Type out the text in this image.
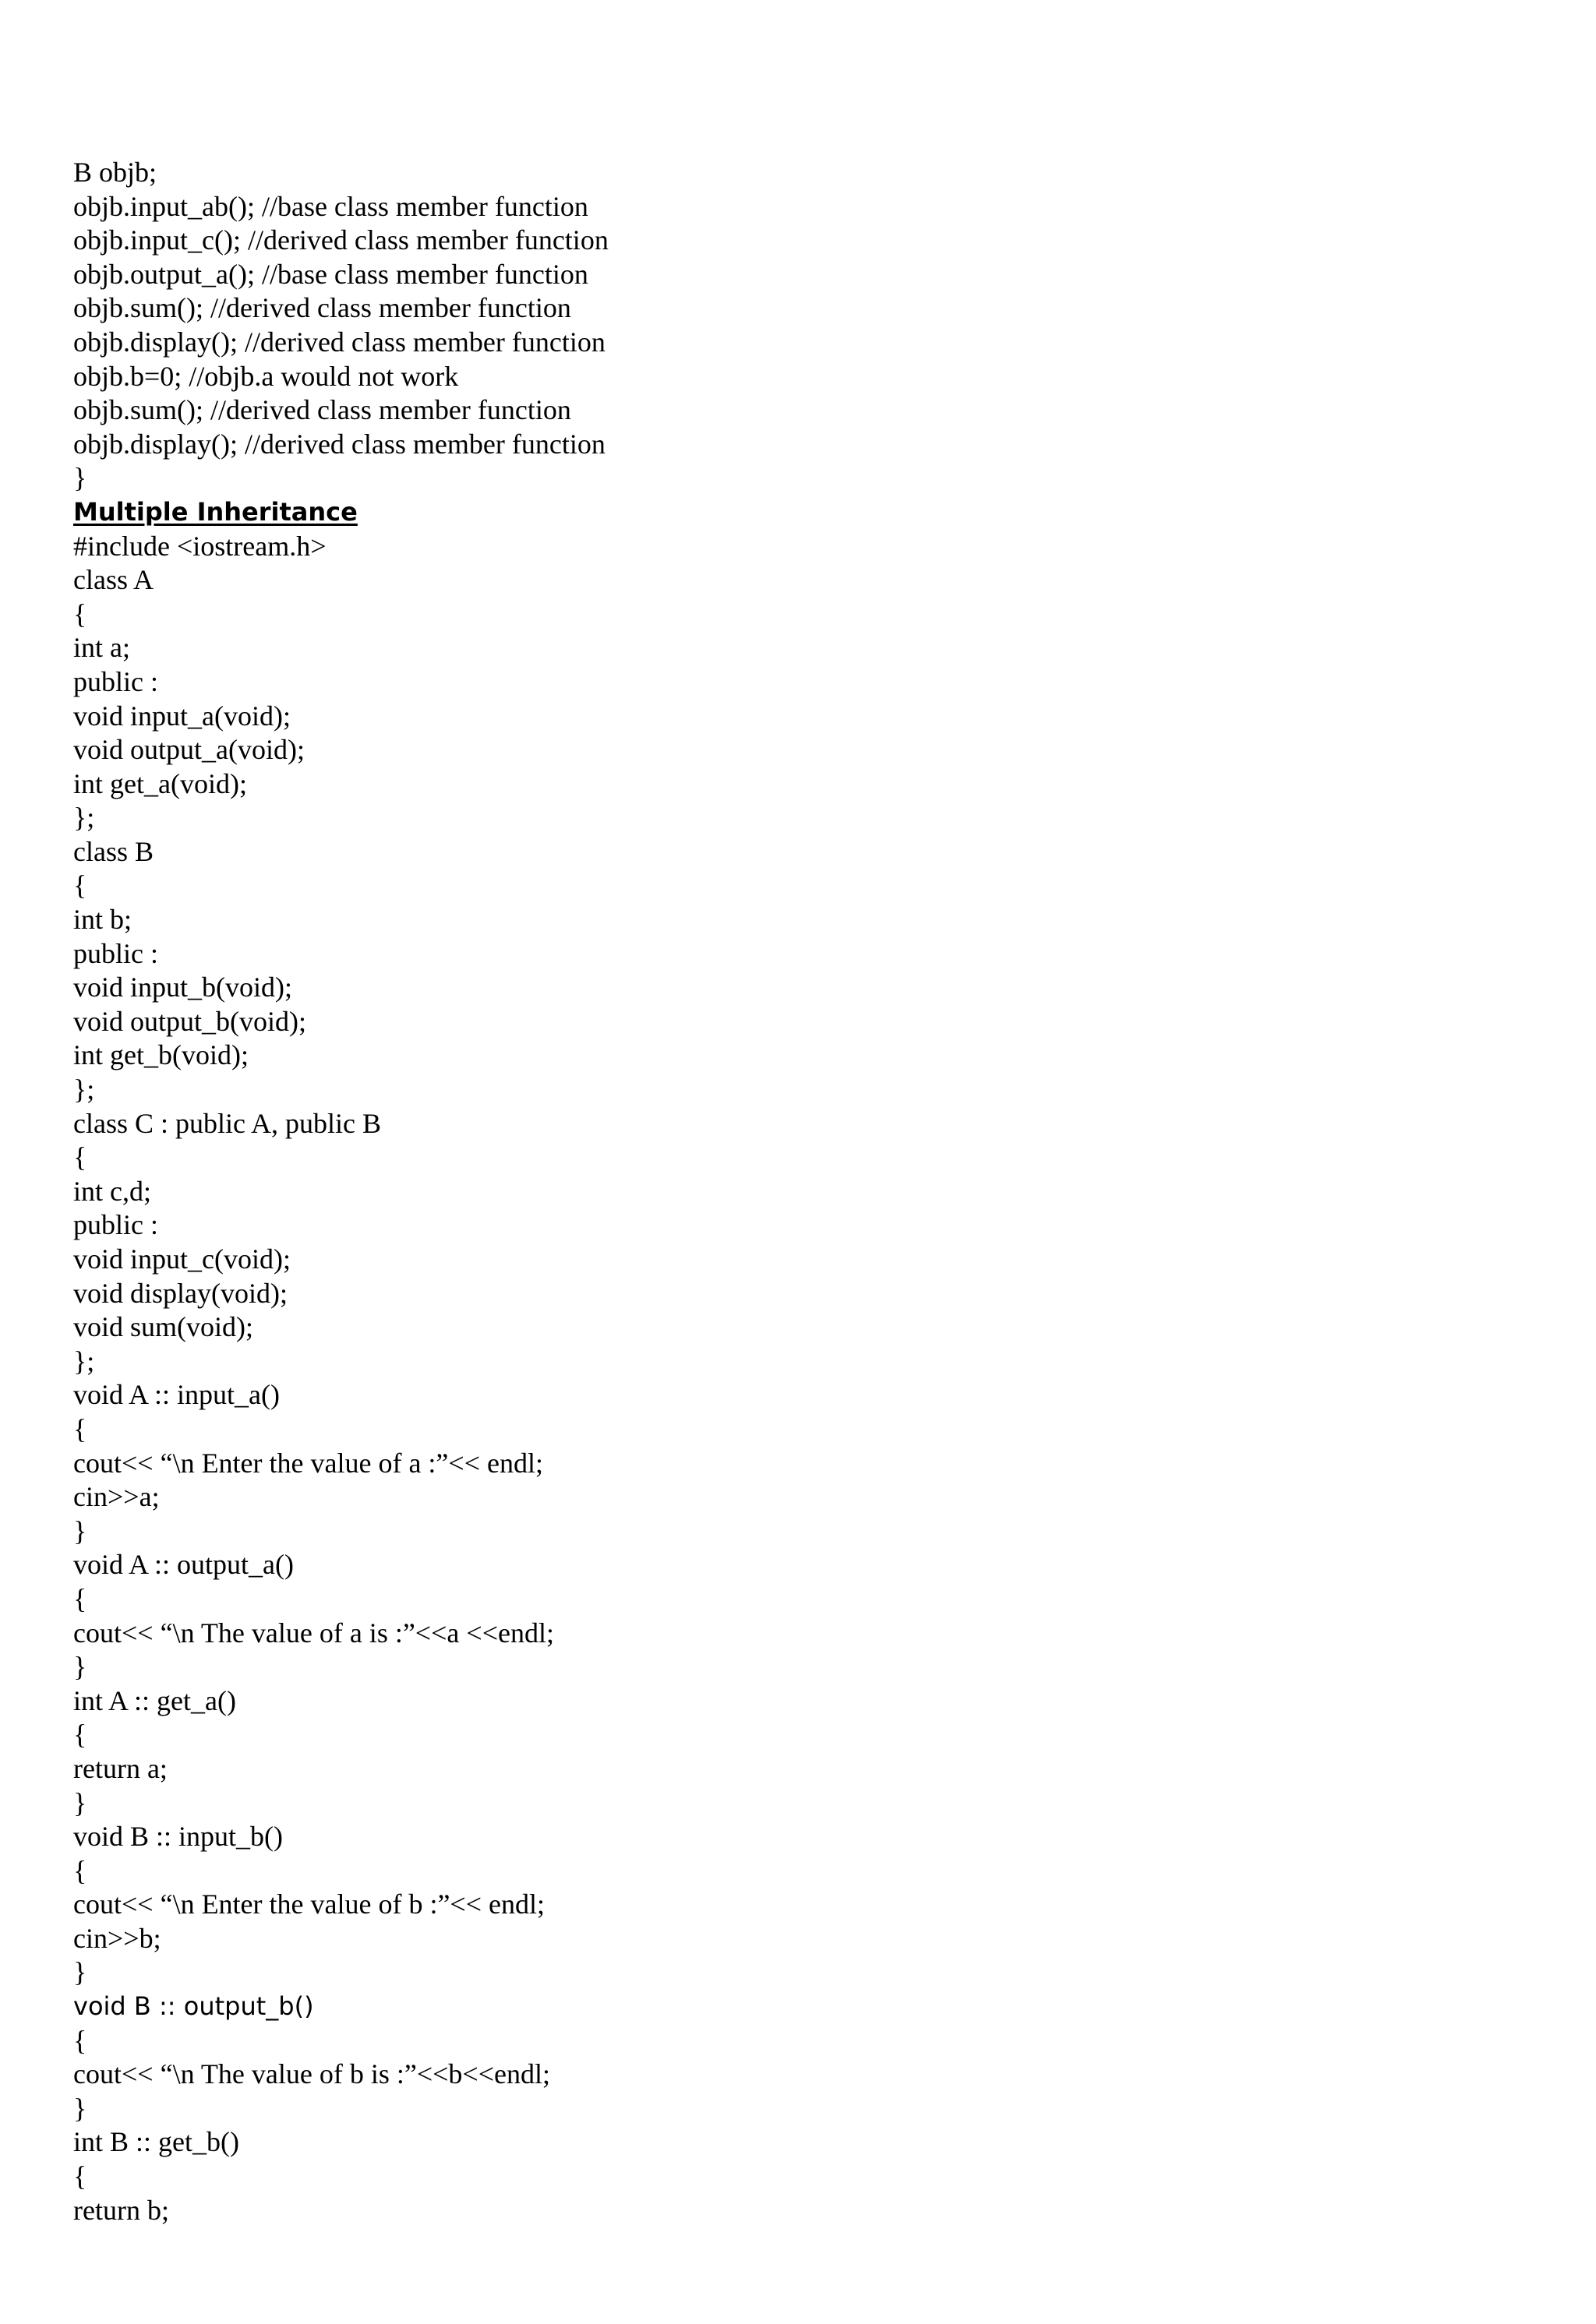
B objb;
objb.input_ab(); //base class member function
objb.input_c(); //derived class member function
objb.output_a(); //base class member function
objb.sum(); //derived class member function
objb.display(); //derived class member function
objb.b=0; //objb.a would not work
objb.sum(); //derived class member function
objb.display(); //derived class member function
}
Multiple Inheritance
#include <iostream.h>
class A
{
int a;
public :
void input_a(void);
void output_a(void);
int get_a(void);
};
class B
{
int b;
public :
void input_b(void);
void output_b(void);
int get_b(void);
};
class C : public A, public B
{
int c,d;
public :
void input_c(void);
void display(void);
void sum(void);
};
void A :: input_a()
{
cout<< “\n Enter the value of a :”<< endl;
cin>>a;
}
void A :: output_a()
{
cout<< “\n The value of a is :”<<a <<endl;
}
int A :: get_a()
{
return a;
}
void B :: input_b()
{
cout<< “\n Enter the value of b :”<< endl;
cin>>b;
}
void B :: output_b()
{
cout<< “\n The value of b is :”<<b<<endl;
}
int B :: get_b()
{
return b;
